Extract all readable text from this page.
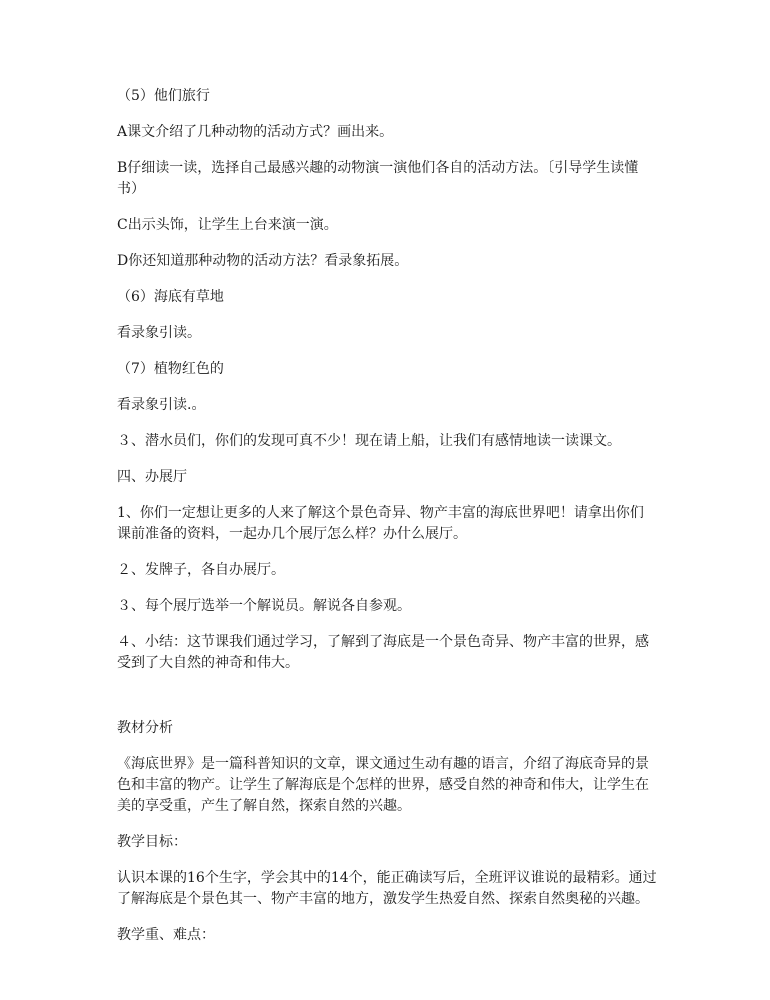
（5）他们旅行

A课文介绍了几种动物的活动方式？画出来。

B仔细读一读，选择自己最感兴趣的动物演一演他们各自的活动方法。〔引导学生读懂书）

C出示头饰，让学生上台来演一演。

D你还知道那种动物的活动方法？看录象拓展。

（6）海底有草地

看录象引读。

（7）植物红色的

看录象引读.。

３、潜水员们，你们的发现可真不少！现在请上船，让我们有感情地读一读课文。

四、办展厅

1、你们一定想让更多的人来了解这个景色奇异、物产丰富的海底世界吧！请拿出你们课前准备的资料，一起办几个展厅怎么样？办什么展厅。

２、发牌子，各自办展厅。

３、每个展厅选举一个解说员。解说各自参观。

４、小结：这节课我们通过学习，了解到了海底是一个景色奇异、物产丰富的世界，感受到了大自然的神奇和伟大。

教材分析

《海底世界》是一篇科普知识的文章，课文通过生动有趣的语言，介绍了海底奇异的景色和丰富的物产。让学生了解海底是个怎样的世界，感受自然的神奇和伟大，让学生在美的享受重，产生了解自然，探索自然的兴趣。

教学目标：

认识本课的16个生字，学会其中的14个，能正确读写后，全班评议谁说的最精彩。通过了解海底是个景色其一、物产丰富的地方，激发学生热爱自然、探索自然奥秘的兴趣。

教学重、难点：
